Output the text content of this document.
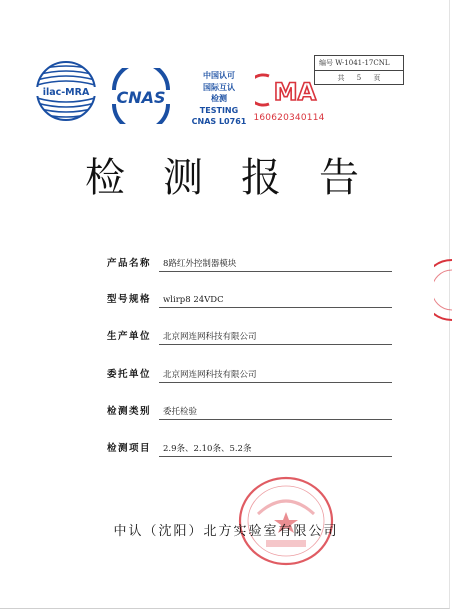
ilac-MRA CNAS
中国认可
国际互认
检测
TESTING
CNAS L0761
MA
160620340114
编号 W-1041-17CNL
共 5 页
检测报告
产品名称	8路红外控制器模块
型号规格	wlirp8 24VDC
生产单位	北京网连网科技有限公司
委托单位	北京网连网科技有限公司
检测类别	委托检验
检测项目	2.9条、2.10条、5.2条
中认（沈阳）北方实验室有限公司
